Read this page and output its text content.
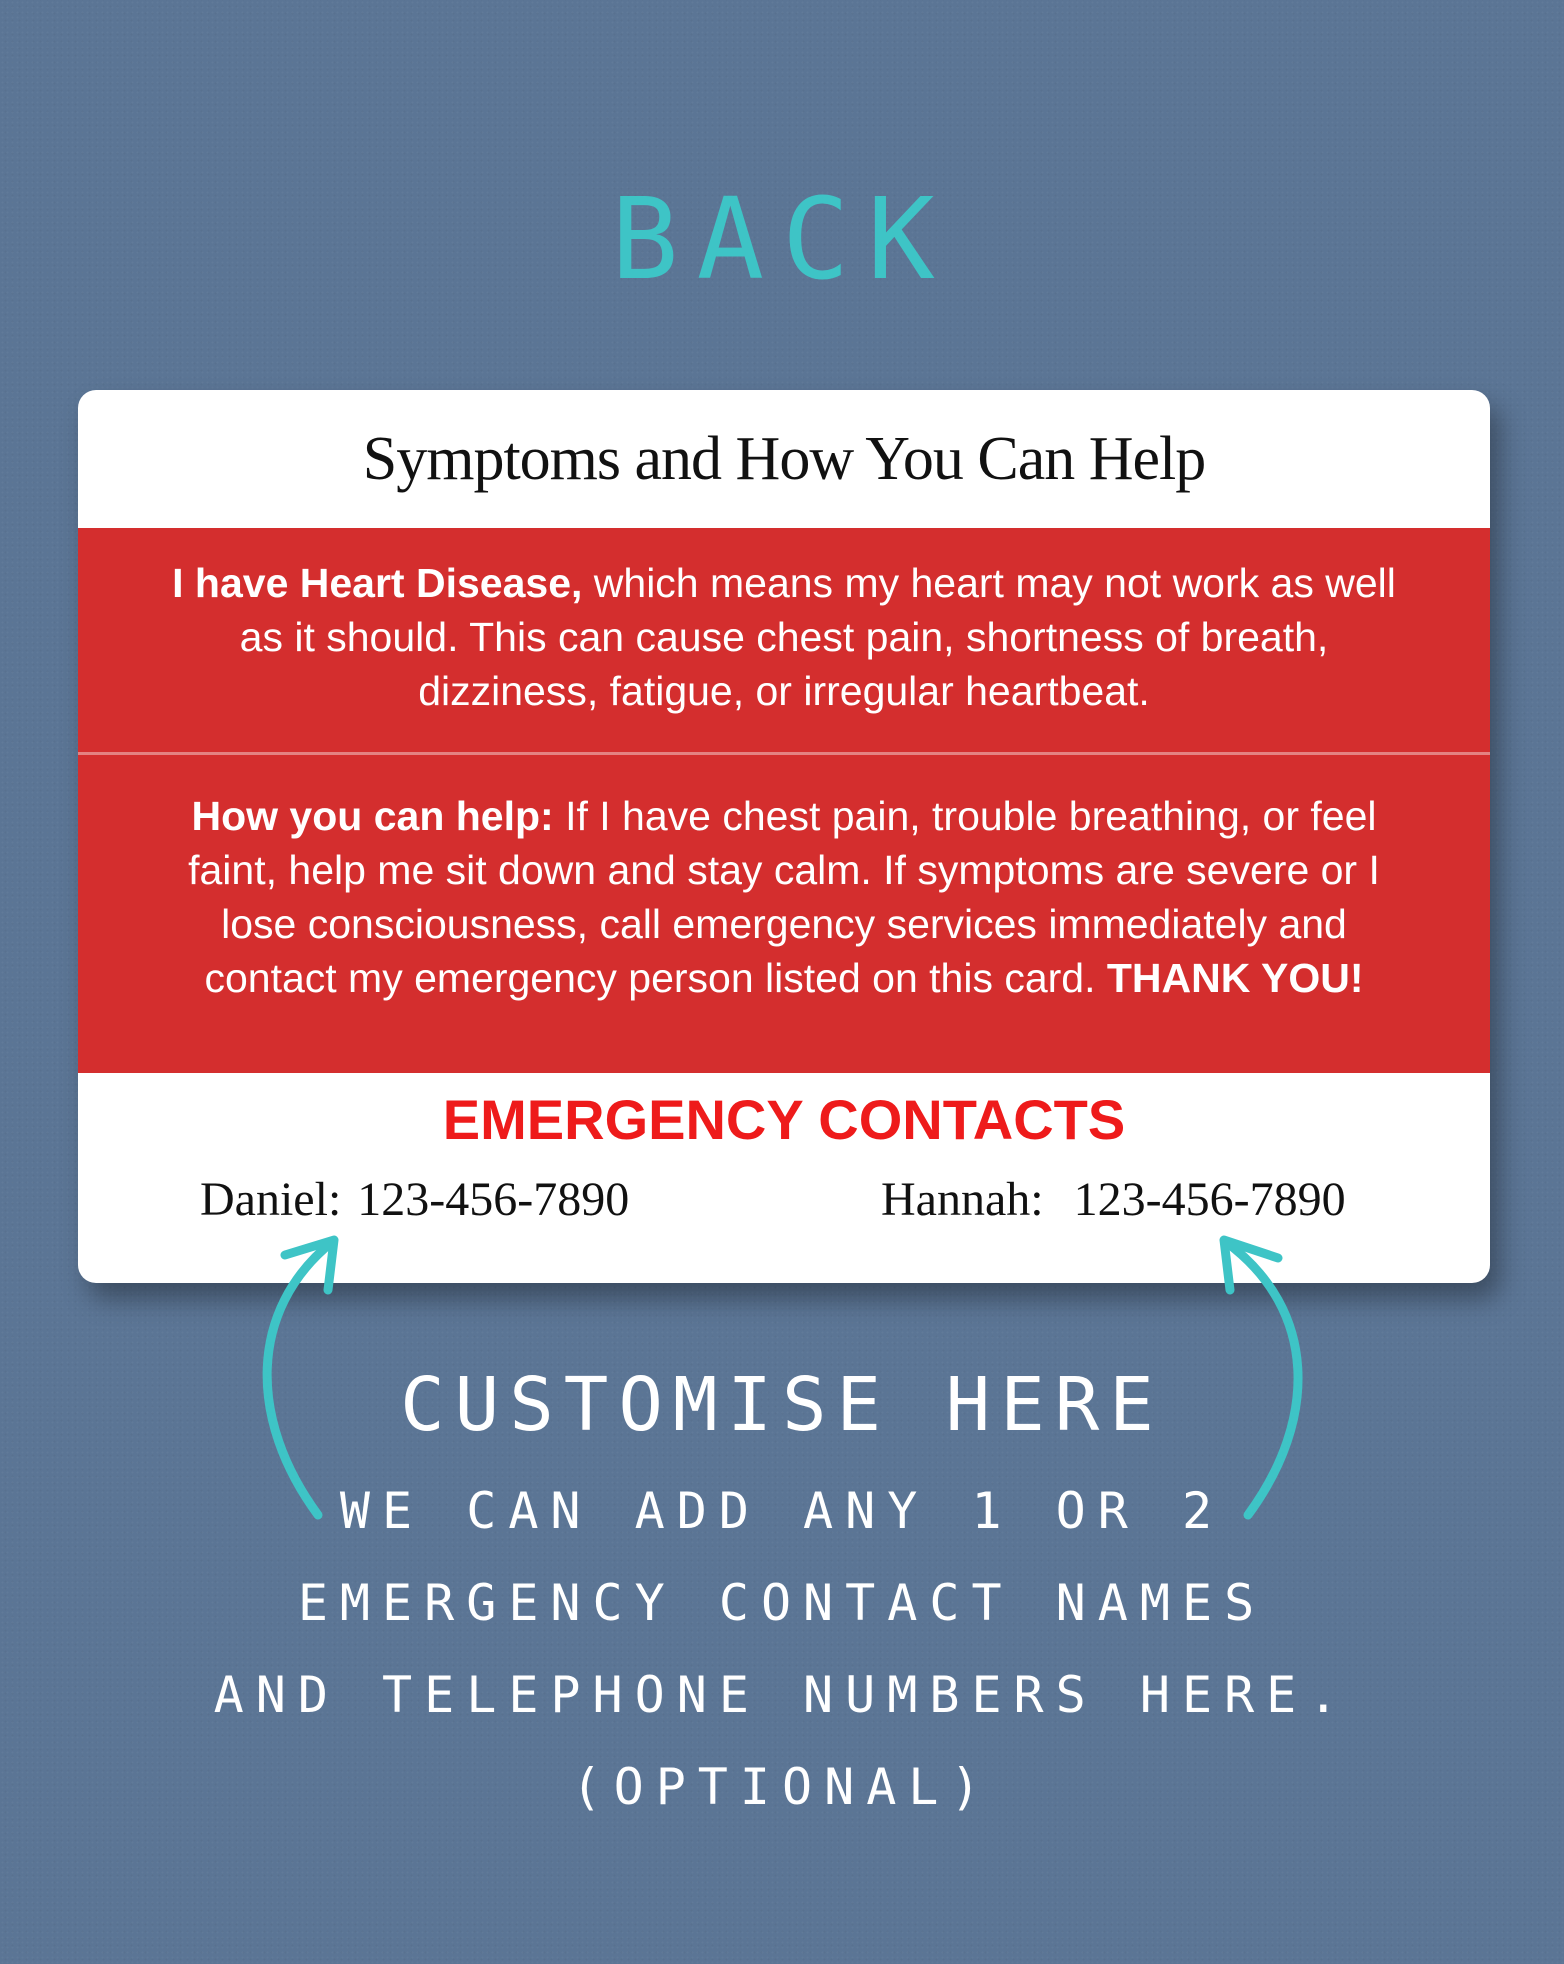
BACK
Symptoms and How You Can Help
I have Heart Disease, which means my heart may not work as well as it should. This can cause chest pain, shortness of breath, dizziness, fatigue, or irregular heartbeat.
How you can help: If I have chest pain, trouble breathing, or feel faint, help me sit down and stay calm. If symptoms are severe or I lose consciousness, call emergency services immediately and contact my emergency person listed on this card. THANK YOU!
EMERGENCY CONTACTS
Daniel: 123-456-7890	Hannah: 123-456-7890
CUSTOMISE HERE
WE CAN ADD ANY 1 OR 2
EMERGENCY CONTACT NAMES
AND TELEPHONE NUMBERS HERE.
(OPTIONAL)
